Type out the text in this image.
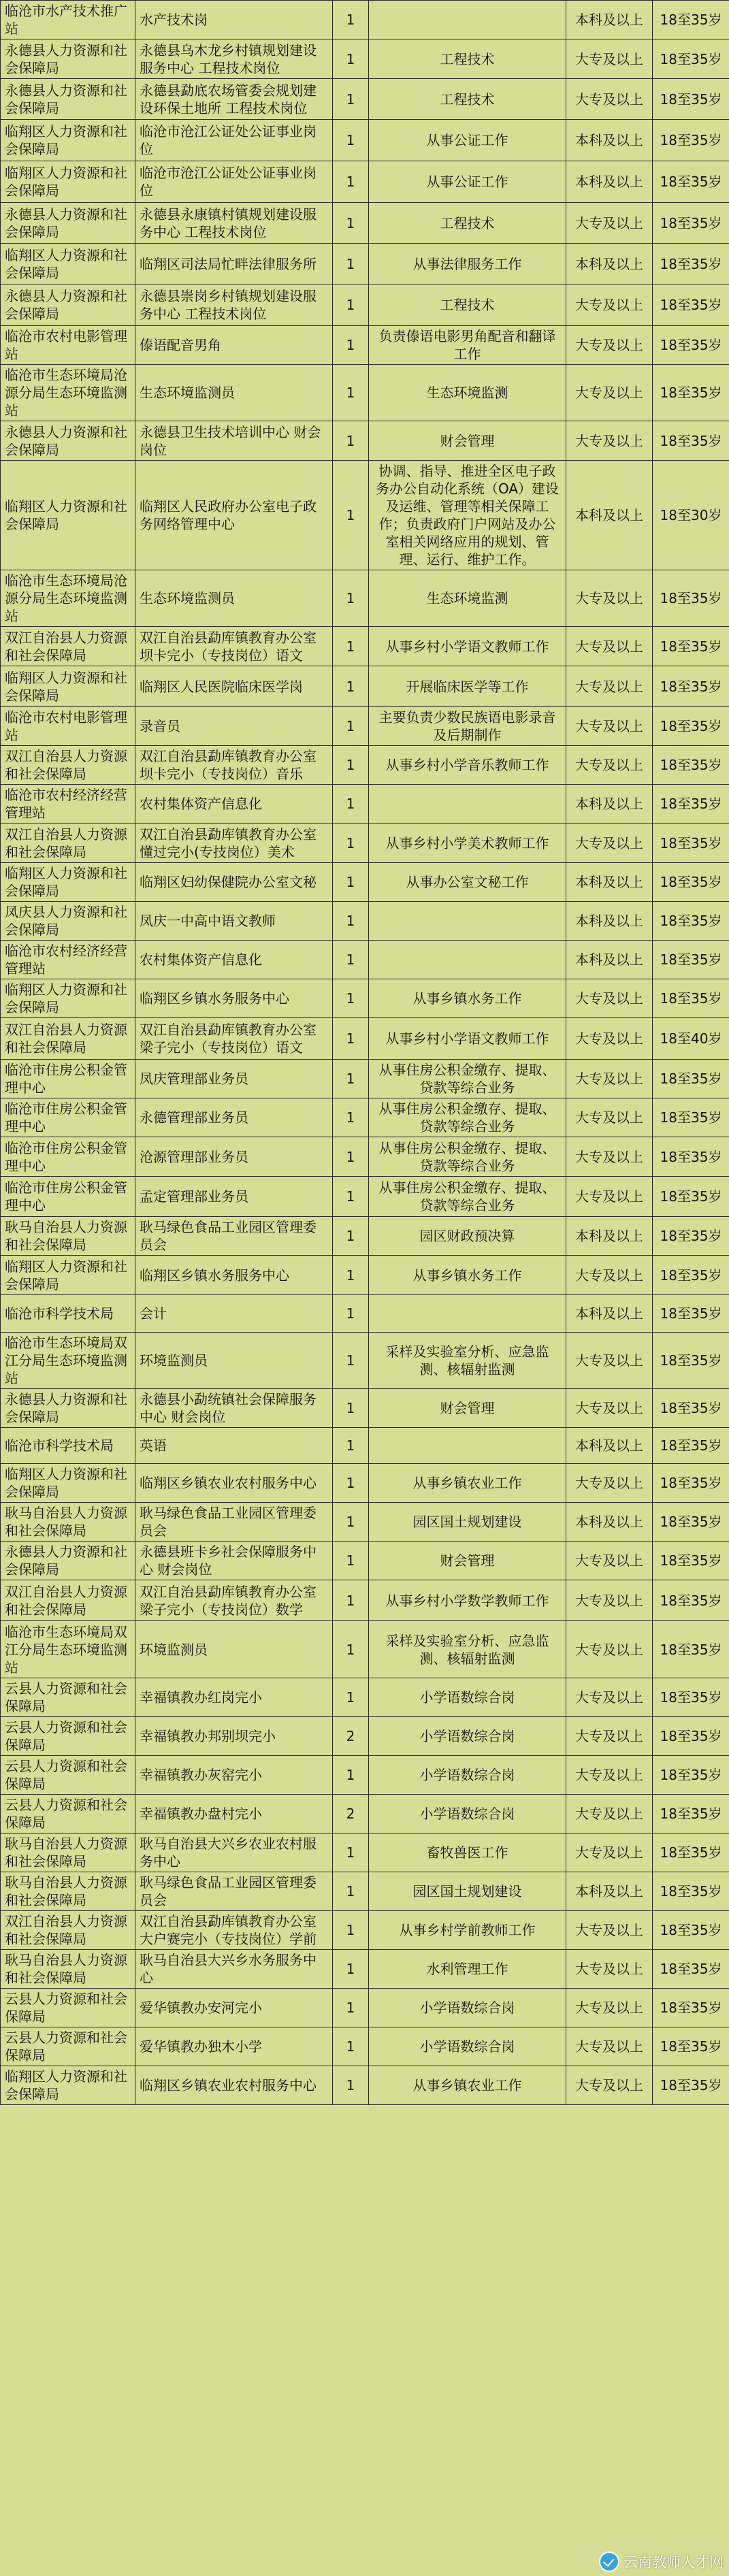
临沧市水产技术推广站	水产技术岗	1		本科及以上	18至35岁
永德县人力资源和社会保障局	永德县乌木龙乡村镇规划建设服务中心 工程技术岗位	1	工程技术	大专及以上	18至35岁
永德县人力资源和社会保障局	永德县勐底农场管委会规划建设环保土地所 工程技术岗位	1	工程技术	大专及以上	18至35岁
临翔区人力资源和社会保障局	临沧市沧江公证处公证事业岗位	1	从事公证工作	本科及以上	18至35岁
临翔区人力资源和社会保障局	临沧市沧江公证处公证事业岗位	1	从事公证工作	本科及以上	18至35岁
永德县人力资源和社会保障局	永德县永康镇村镇规划建设服务中心 工程技术岗位	1	工程技术	大专及以上	18至35岁
临翔区人力资源和社会保障局	临翔区司法局忙畔法律服务所	1	从事法律服务工作	本科及以上	18至35岁
永德县人力资源和社会保障局	永德县崇岗乡村镇规划建设服务中心 工程技术岗位	1	工程技术	大专及以上	18至35岁
临沧市农村电影管理站	傣语配音男角	1	负责傣语电影男角配音和翻译工作	大专及以上	18至35岁
临沧市生态环境局沧源分局生态环境监测站	生态环境监测员	1	生态环境监测	大专及以上	18至35岁
永德县人力资源和社会保障局	永德县卫生技术培训中心 财会岗位	1	财会管理	大专及以上	18至35岁
临翔区人力资源和社会保障局	临翔区人民政府办公室电子政务网络管理中心	1	协调、指导、推进全区电子政务办公自动化系统（OA）建设及运维、管理等相关保障工作；负责政府门户网站及办公室相关网络应用的规划、管理、运行、维护工作。	本科及以上	18至30岁
临沧市生态环境局沧源分局生态环境监测站	生态环境监测员	1	生态环境监测	大专及以上	18至35岁
双江自治县人力资源和社会保障局	双江自治县勐库镇教育办公室坝卡完小（专技岗位）语文	1	从事乡村小学语文教师工作	大专及以上	18至35岁
临翔区人力资源和社会保障局	临翔区人民医院临床医学岗	1	开展临床医学等工作	大专及以上	18至35岁
临沧市农村电影管理站	录音员	1	主要负责少数民族语电影录音及后期制作	大专及以上	18至35岁
双江自治县人力资源和社会保障局	双江自治县勐库镇教育办公室坝卡完小（专技岗位）音乐	1	从事乡村小学音乐教师工作	大专及以上	18至35岁
临沧市农村经济经营管理站	农村集体资产信息化	1		本科及以上	18至35岁
双江自治县人力资源和社会保障局	双江自治县勐库镇教育办公室懂过完小(专技岗位）美术	1	从事乡村小学美术教师工作	大专及以上	18至35岁
临翔区人力资源和社会保障局	临翔区妇幼保健院办公室文秘	1	从事办公室文秘工作	本科及以上	18至35岁
凤庆县人力资源和社会保障局	凤庆一中高中语文教师	1		本科及以上	18至35岁
临沧市农村经济经营管理站	农村集体资产信息化	1		本科及以上	18至35岁
临翔区人力资源和社会保障局	临翔区乡镇水务服务中心	1	从事乡镇水务工作	大专及以上	18至35岁
双江自治县人力资源和社会保障局	双江自治县勐库镇教育办公室梁子完小（专技岗位）语文	1	从事乡村小学语文教师工作	大专及以上	18至40岁
临沧市住房公积金管理中心	凤庆管理部业务员	1	从事住房公积金缴存、提取、贷款等综合业务	大专及以上	18至35岁
临沧市住房公积金管理中心	永德管理部业务员	1	从事住房公积金缴存、提取、贷款等综合业务	大专及以上	18至35岁
临沧市住房公积金管理中心	沧源管理部业务员	1	从事住房公积金缴存、提取、贷款等综合业务	大专及以上	18至35岁
临沧市住房公积金管理中心	孟定管理部业务员	1	从事住房公积金缴存、提取、贷款等综合业务	大专及以上	18至35岁
耿马自治县人力资源和社会保障局	耿马绿色食品工业园区管理委员会	1	园区财政预决算	本科及以上	18至35岁
临翔区人力资源和社会保障局	临翔区乡镇水务服务中心	1	从事乡镇水务工作	大专及以上	18至35岁
临沧市科学技术局	会计	1		本科及以上	18至35岁
临沧市生态环境局双江分局生态环境监测站	环境监测员	1	采样及实验室分析、应急监测、核辐射监测	大专及以上	18至35岁
永德县人力资源和社会保障局	永德县小勐统镇社会保障服务中心 财会岗位	1	财会管理	大专及以上	18至35岁
临沧市科学技术局	英语	1		本科及以上	18至35岁
临翔区人力资源和社会保障局	临翔区乡镇农业农村服务中心	1	从事乡镇农业工作	大专及以上	18至35岁
耿马自治县人力资源和社会保障局	耿马绿色食品工业园区管理委员会	1	园区国土规划建设	本科及以上	18至35岁
永德县人力资源和社会保障局	永德县班卡乡社会保障服务中心 财会岗位	1	财会管理	大专及以上	18至35岁
双江自治县人力资源和社会保障局	双江自治县勐库镇教育办公室梁子完小（专技岗位）数学	1	从事乡村小学数学教师工作	大专及以上	18至35岁
临沧市生态环境局双江分局生态环境监测站	环境监测员	1	采样及实验室分析、应急监测、核辐射监测	大专及以上	18至35岁
云县人力资源和社会保障局	幸福镇教办红岗完小	1	小学语数综合岗	大专及以上	18至35岁
云县人力资源和社会保障局	幸福镇教办邦别坝完小	2	小学语数综合岗	大专及以上	18至35岁
云县人力资源和社会保障局	幸福镇教办灰窑完小	1	小学语数综合岗	大专及以上	18至35岁
云县人力资源和社会保障局	幸福镇教办盘村完小	2	小学语数综合岗	大专及以上	18至35岁
耿马自治县人力资源和社会保障局	耿马自治县大兴乡农业农村服务中心	1	畜牧兽医工作	大专及以上	18至35岁
耿马自治县人力资源和社会保障局	耿马绿色食品工业园区管理委员会	1	园区国土规划建设	本科及以上	18至35岁
双江自治县人力资源和社会保障局	双江自治县勐库镇教育办公室大户赛完小（专技岗位）学前	1	从事乡村学前教师工作	大专及以上	18至35岁
耿马自治县人力资源和社会保障局	耿马自治县大兴乡水务服务中心	1	水利管理工作	大专及以上	18至35岁
云县人力资源和社会保障局	爱华镇教办安河完小	1	小学语数综合岗	大专及以上	18至35岁
云县人力资源和社会保障局	爱华镇教办独木小学	1	小学语数综合岗	大专及以上	18至35岁
临翔区人力资源和社会保障局	临翔区乡镇农业农村服务中心	1	从事乡镇农业工作	大专及以上	18至35岁
云南教师人才网
